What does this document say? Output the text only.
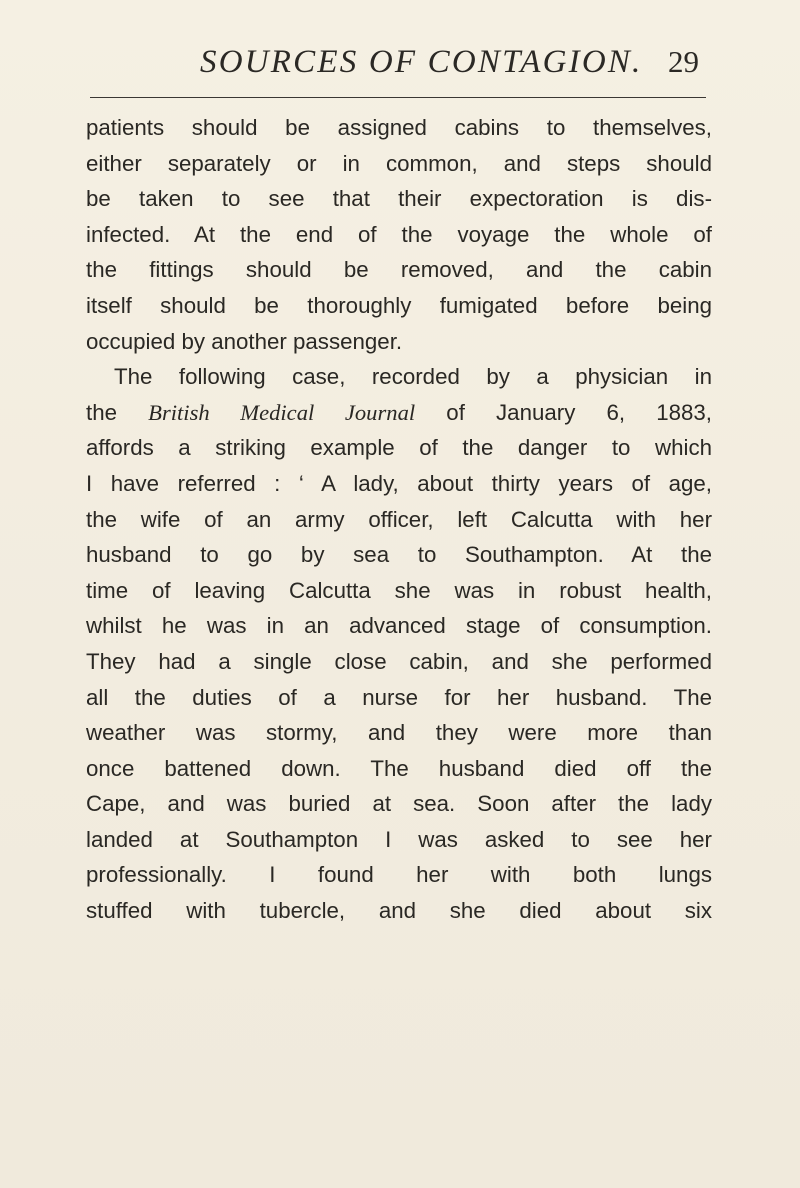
SOURCES OF CONTAGION. 29
patients should be assigned cabins to themselves,
either separately or in common, and steps should
be taken to see that their expectoration is dis-
infected. At the end of the voyage the whole of
the fittings should be removed, and the cabin
itself should be thoroughly fumigated before being
occupied by another passenger.
The following case, recorded by a physician in
the British Medical Journal of January 6, 1883,
affords a striking example of the danger to which
I have referred : ‘ A lady, about thirty years of age,
the wife of an army officer, left Calcutta with her
husband to go by sea to Southampton. At the
time of leaving Calcutta she was in robust health,
whilst he was in an advanced stage of consumption.
They had a single close cabin, and she performed
all the duties of a nurse for her husband. The
weather was stormy, and they were more than
once battened down. The husband died off the
Cape, and was buried at sea. Soon after the lady
landed at Southampton I was asked to see her
professionally. I found her with both lungs
stuffed with tubercle, and she died about six
